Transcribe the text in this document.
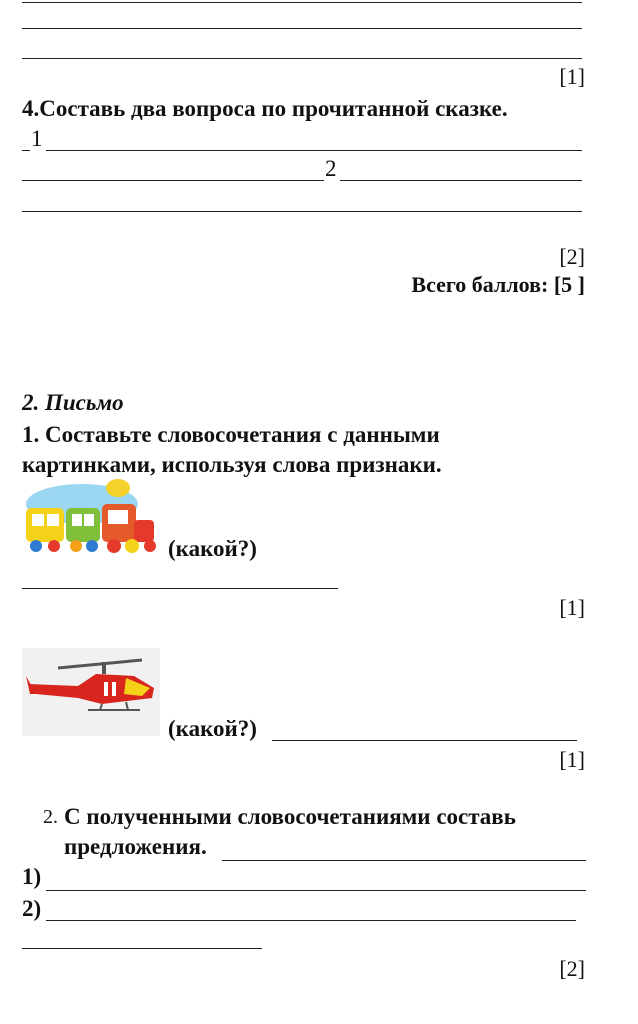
[1]
4.Составь два вопроса по прочитанной сказке.
1
2
[2]
Всего баллов: [5 ]
2. Письмо
1. Составьте словосочетания с данными картинками, используя слова признаки.
(какой?)
[1]
(какой?)
[1]
2. С полученными словосочетаниями составь предложения.
1)
2)
[2]
